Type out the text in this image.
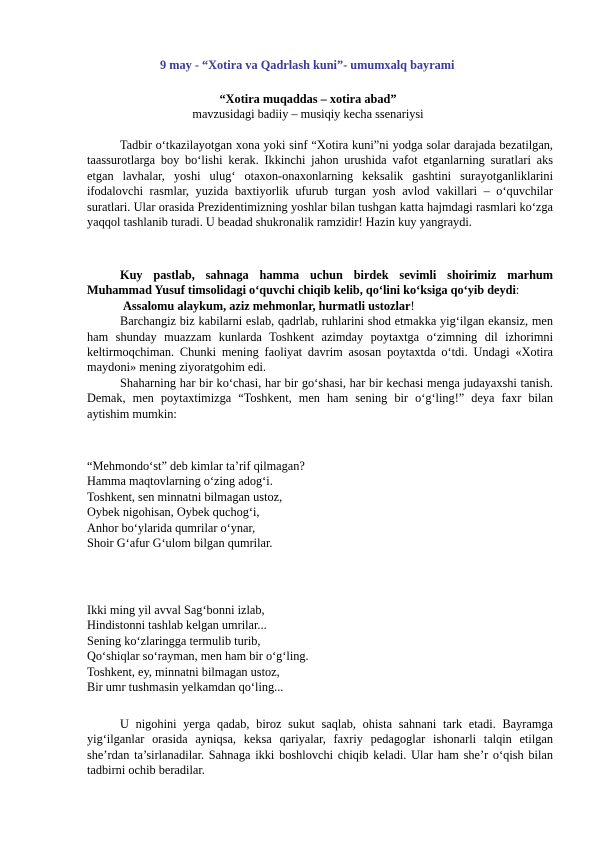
9 may - “Xotira va Qadrlash kuni”- umumxalq bayrami
“Xotira muqaddas – xotira abad”
mavzusidagi badiiy – musiqiy kecha ssenariysi

Tadbir o‘tkazilayotgan xona yoki sinf “Xotira kuni”ni yodga solar darajada bezatilgan, taassurotlarga boy bo‘lishi kerak. Ikkinchi jahon urushida vafot etganlarning suratlari aks etgan lavhalar, yoshi ulug‘ otaxon-onaxonlarning keksalik gashtini surayotganliklarini ifodalovchi rasmlar, yuzida baxtiyorlik ufurub turgan yosh avlod vakillari – o‘quvchilar suratlari. Ular orasida Prezidentimizning yoshlar bilan tushgan katta hajmdagi rasmlari ko‘zga yaqqol tashlanib turadi. U beadad shukronalik ramzidir! Hazin kuy yangraydi.

Kuy pastlab, sahnaga hamma uchun birdek sevimli shoirimiz marhum Muhammad Yusuf timsolidagi o‘quvchi chiqib kelib, qo‘lini ko‘ksiga qo‘yib deydi:

Assalomu alaykum, aziz mehmonlar, hurmatli ustozlar!

Barchangiz biz kabilarni eslab, qadrlab, ruhlarini shod etmakka yig‘ilgan ekansiz, men ham shunday muazzam kunlarda Toshkent azimday poytaxtga o‘zimning dil izhorimni keltirmoqchiman. Chunki mening faoliyat davrim asosan poytaxtda o‘tdi. Undagi «Xotira maydoni» mening ziyoratgohim edi.

Shaharning har bir ko‘chasi, har bir go‘shasi, har bir kechasi menga judayaxshi tanish. Demak, men poytaxtimizga “Toshkent, men ham sening bir o‘g‘ling!” deya faxr bilan aytishim mumkin:

“Mehmondo‘st” deb kimlar ta’rif qilmagan?
Hamma maqtovlarning o‘zing adog‘i.
Toshkent, sen minnatni bilmagan ustoz,
Oybek nigohisan, Oybek quchog‘i,
Anhor bo‘ylarida qumrilar o‘ynar,
Shoir G‘afur G‘ulom bilgan qumrilar.
Ikki ming yil avval Sag‘bonni izlab,
Hindistonni tashlab kelgan umrilar...
Sening ko‘zlaringga termulib turib,
Qo‘shiqlar so‘rayman, men ham bir o‘g‘ling.
Toshkent, ey, minnatni bilmagan ustoz,
Bir umr tushmasin yelkamdan qo‘ling...

U nigohini yerga qadab, biroz sukut saqlab, ohista sahnani tark etadi. Bayramga yig‘ilganlar orasida ayniqsa, keksa qariyalar, faxriy pedagoglar ishonarli talqin etilgan she’rdan ta’sirlanadilar. Sahnaga ikki boshlovchi chiqib keladi. Ular ham she’r o‘qish bilan tadbirni ochib beradilar.
